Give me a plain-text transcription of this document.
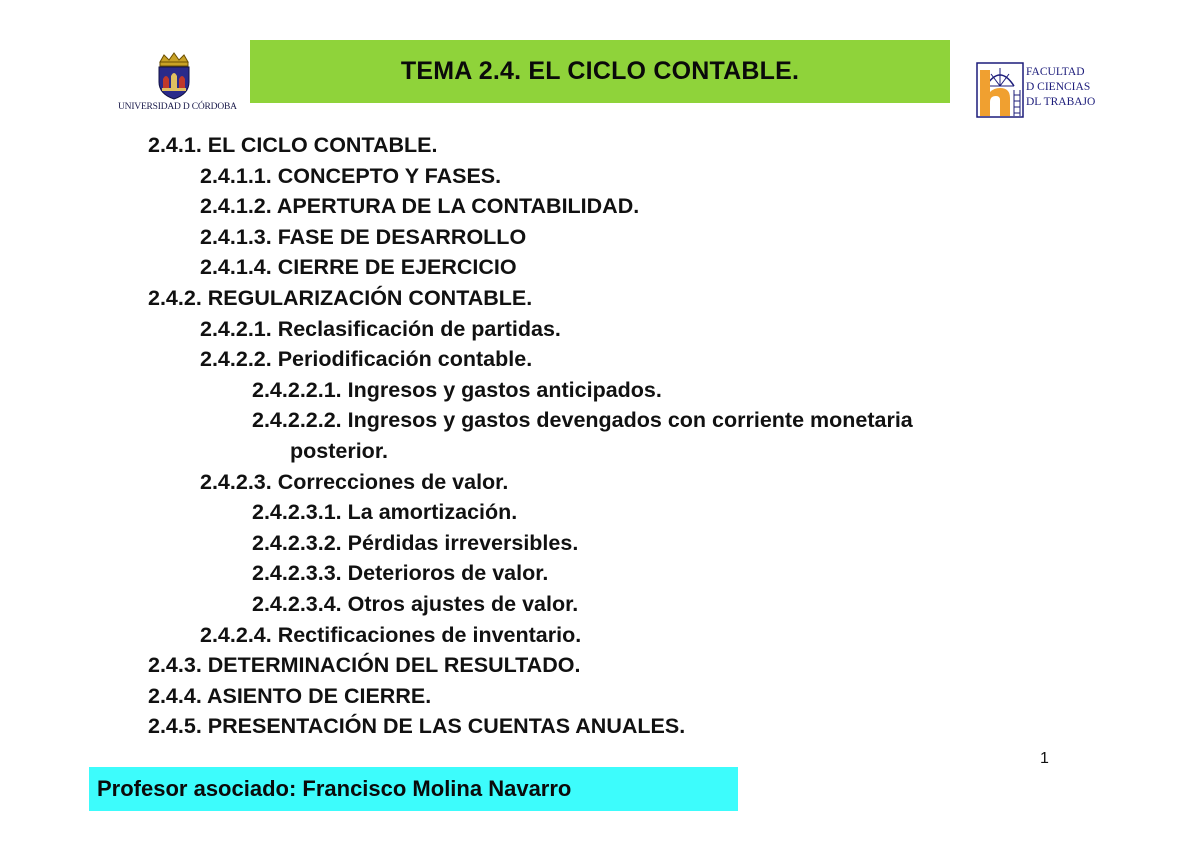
UNIVERSIDAD D CÓRDOBA
TEMA 2.4. EL CICLO CONTABLE.	FACULTAD
D CIENCIAS
DL TRABAJO
2.4.1. EL CICLO CONTABLE.
2.4.1.1. CONCEPTO Y FASES.
2.4.1.2. APERTURA DE LA CONTABILIDAD.
2.4.1.3. FASE DE DESARROLLO
2.4.1.4. CIERRE DE EJERCICIO
2.4.2. REGULARIZACIÓN CONTABLE.
2.4.2.1. Reclasificación de partidas.
2.4.2.2. Periodificación contable.
2.4.2.2.1. Ingresos y gastos anticipados.
2.4.2.2.2. Ingresos y gastos devengados con corriente monetaria
posterior.
2.4.2.3. Correcciones de valor.
2.4.2.3.1. La amortización.
2.4.2.3.2. Pérdidas irreversibles.
2.4.2.3.3. Deterioros de valor.
2.4.2.3.4. Otros ajustes de valor.
2.4.2.4. Rectificaciones de inventario.
2.4.3. DETERMINACIÓN DEL RESULTADO.
2.4.4. ASIENTO DE CIERRE.
2.4.5. PRESENTACIÓN DE LAS CUENTAS ANUALES.
1
Profesor asociado: Francisco Molina Navarro
